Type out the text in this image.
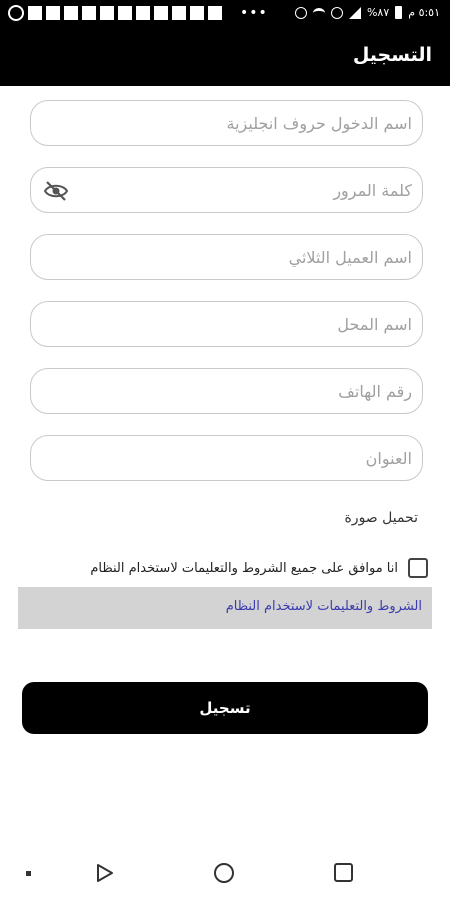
•••	%٨٧ ٥:٥١ م
التسجيل
اسم الدخول حروف انجليزية
اسم العميل الثلاثي
اسم المحل
رقم الهاتف
العنوان
تحميل صورة
انا موافق على جميع الشروط والتعليمات لاستخدام النظام
الشروط والتعليمات لاستخدام النظام
تسجيل
